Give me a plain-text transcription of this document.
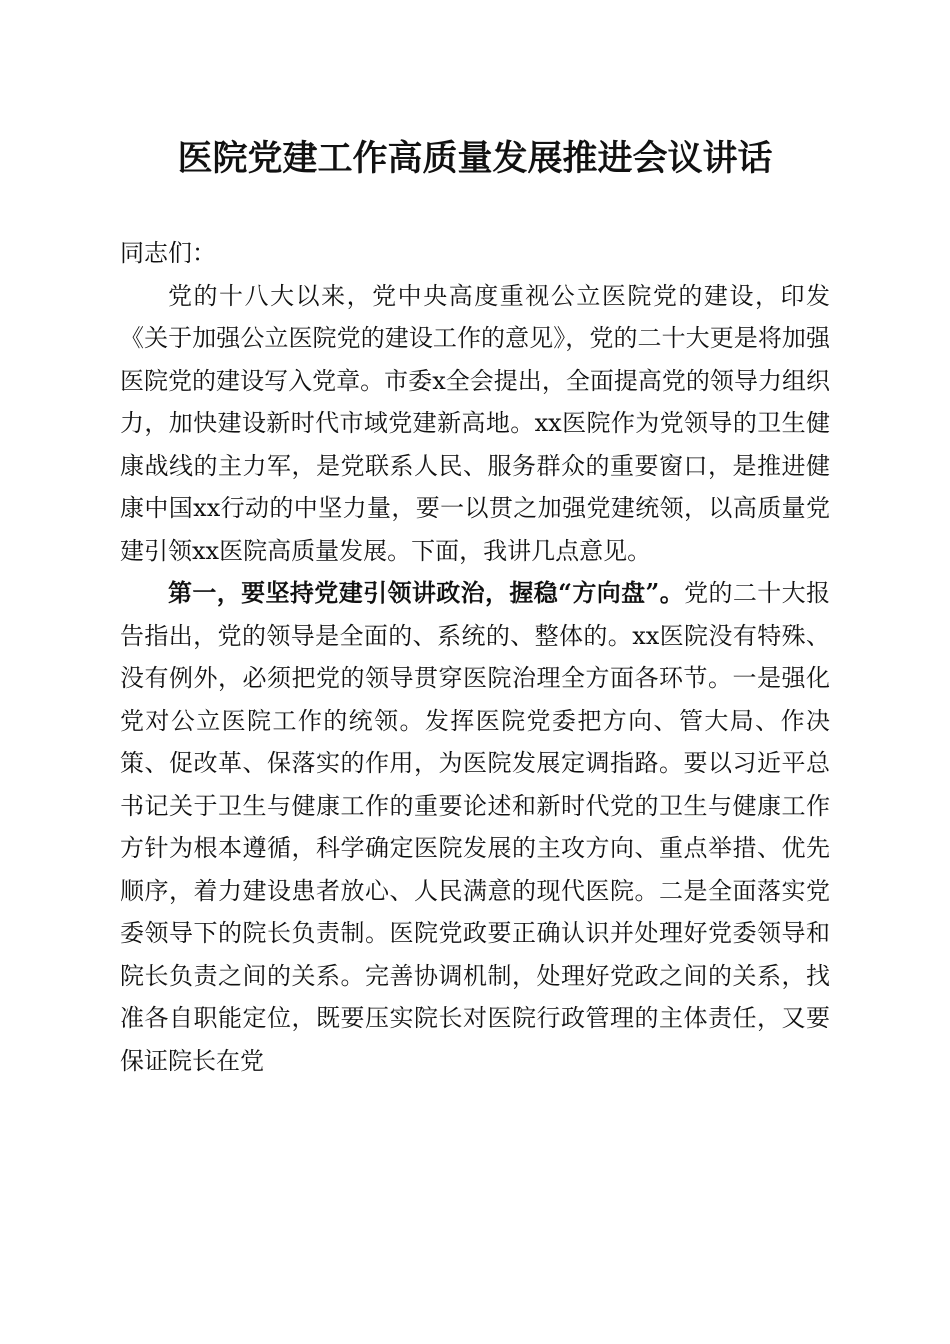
医院党建工作高质量发展推进会议讲话

同志们：

党的十八大以来，党中央高度重视公立医院党的建设，印发《关于加强公立医院党的建设工作的意见》，党的二十大更是将加强医院党的建设写入党章。市委x全会提出，全面提高党的领导力组织力，加快建设新时代市域党建新高地。xx医院作为党领导的卫生健康战线的主力军，是党联系人民、服务群众的重要窗口，是推进健康中国xx行动的中坚力量，要一以贯之加强党建统领，以高质量党建引领xx医院高质量发展。下面，我讲几点意见。

第一，要坚持党建引领讲政治，握稳“方向盘”。党的二十大报告指出，党的领导是全面的、系统的、整体的。xx医院没有特殊、没有例外，必须把党的领导贯穿医院治理全方面各环节。一是强化党对公立医院工作的统领。发挥医院党委把方向、管大局、作决策、促改革、保落实的作用，为医院发展定调指路。要以习近平总书记关于卫生与健康工作的重要论述和新时代党的卫生与健康工作方针为根本遵循，科学确定医院发展的主攻方向、重点举措、优先顺序，着力建设患者放心、人民满意的现代医院。二是全面落实党委领导下的院长负责制。医院党政要正确认识并处理好党委领导和院长负责之间的关系。完善协调机制，处理好党政之间的关系，找准各自职能定位，既要压实院长对医院行政管理的主体责任，又要保证院长在党
